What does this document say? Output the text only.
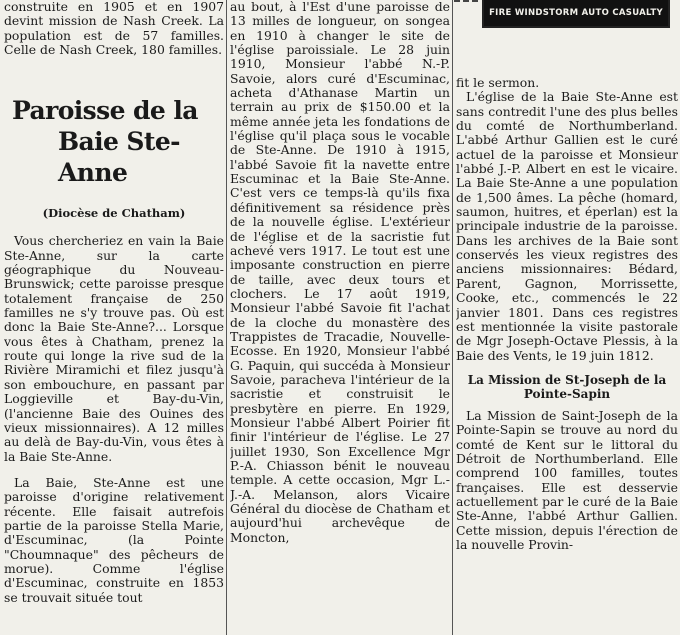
FIRE WINDSTORM AUTO CASUALTY

construite en 1905 et en 1907 devint mission de Nash Creek. La population est de 57 familles. Celle de Nash Creek, 180 familles.

Paroisse de la
Baie Ste-Anne
(Diocèse de Chatham)

Vous chercheriez en vain la Baie Ste-Anne, sur la carte géographique du Nouveau-Brunswick; cette paroisse presque totalement française de 250 familles ne s'y trouve pas. Où est donc la Baie Ste-Anne?... Lorsque vous êtes à Chatham, prenez la route qui longe la rive sud de la Rivière Miramichi et filez jusqu'à son embouchure, en passant par Loggieville et Bay-du-Vin, (l'ancienne Baie des Ouines des vieux missionnaires). A 12 milles au delà de Bay-du-Vin, vous êtes à la Baie Ste-Anne.

La Baie, Ste-Anne est une paroisse d'origine relativement récente. Elle faisait autrefois partie de la paroisse Stella Marie, d'Escuminac, (la Pointe "Choumnaque" des pêcheurs de morue). Comme l'église d'Escuminac, construite en 1853 se trouvait située tout

au bout, à l'Est d'une paroisse de 13 milles de longueur, on songea en 1910 à changer le site de l'église paroissiale. Le 28 juin 1910, Monsieur l'abbé N.-P. Savoie, alors curé d'Escuminac, acheta d'Athanase Martin un terrain au prix de $150.00 et la même année jeta les fondations de l'église qu'il plaça sous le vocable de Ste-Anne. De 1910 à 1915, l'abbé Savoie fit la navette entre Escuminac et la Baie Ste-Anne. C'est vers ce temps-là qu'ils fixa définitivement sa résidence près de la nouvelle église. L'extérieur de l'église et de la sacristie fut achevé vers 1917. Le tout est une imposante construction en pierre de taille, avec deux tours et clochers. Le 17 août 1919, Monsieur l'abbé Savoie fit l'achat de la cloche du monastère des Trappistes de Tracadie, Nouvelle-Ecosse. En 1920, Monsieur l'abbé G. Paquin, qui succéda à Monsieur Savoie, paracheva l'intérieur de la sacristie et construisit le presbytère en pierre. En 1929, Monsieur l'abbé Albert Poirier fit finir l'intérieur de l'église. Le 27 juillet 1930, Son Excellence Mgr P.-A. Chiasson bénit le nouveau temple. A cette occasion, Mgr L.-J.-A. Melanson, alors Vicaire Général du diocèse de Chatham et aujourd'hui archevêque de Moncton,

fit le sermon.

L'église de la Baie Ste-Anne est sans contredit l'une des plus belles du comté de Northumberland. L'abbé Arthur Gallien est le curé actuel de la paroisse et Monsieur l'abbé J.-P. Albert en est le vicaire. La Baie Ste-Anne a une population de 1,500 âmes. La pêche (homard, saumon, huitres, et éperlan) est la principale industrie de la paroisse. Dans les archives de la Baie sont conservés les vieux registres des anciens missionnaires: Bédard, Parent, Gagnon, Morrissette, Cooke, etc., commencés le 22 janvier 1801. Dans ces registres est mentionnée la visite pastorale de Mgr Joseph-Octave Plessis, à la Baie des Vents, le 19 juin 1812.

La Mission de St-Joseph de la Pointe-Sapin

La Mission de Saint-Joseph de la Pointe-Sapin se trouve au nord du comté de Kent sur le littoral du Détroit de Northumberland. Elle comprend 100 familles, toutes françaises. Elle est desservie actuellement par le curé de la Baie Ste-Anne, l'abbé Arthur Gallien. Cette mission, depuis l'érection de la nouvelle Provin-
